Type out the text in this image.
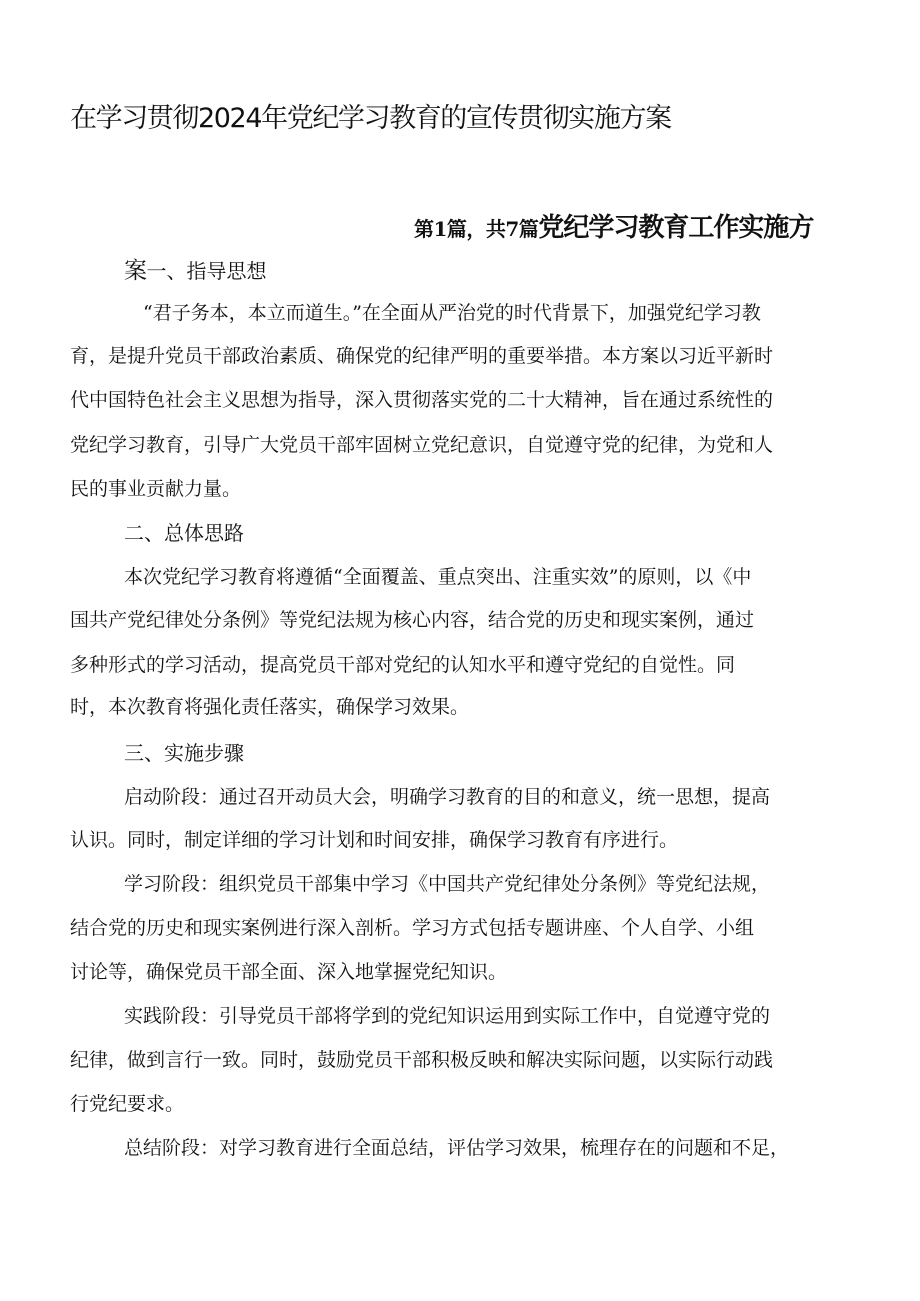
在学习贯彻2024年党纪学习教育的宣传贯彻实施方案
第1篇，共7篇党纪学习教育工作实施方
案一、指导思想

“君子务本，本立而道生。”在全面从严治党的时代背景下，加强党纪学习教

育，是提升党员干部政治素质、确保党的纪律严明的重要举措。本方案以习近平新时

代中国特色社会主义思想为指导，深入贯彻落实党的二十大精神，旨在通过系统性的

党纪学习教育，引导广大党员干部牢固树立党纪意识，自觉遵守党的纪律，为党和人

民的事业贡献力量。

二、总体思路

本次党纪学习教育将遵循“全面覆盖、重点突出、注重实效”的原则，以《中

国共产党纪律处分条例》等党纪法规为核心内容，结合党的历史和现实案例，通过

多种形式的学习活动，提高党员干部对党纪的认知水平和遵守党纪的自觉性。同

时，本次教育将强化责任落实，确保学习效果。

三、实施步骤

启动阶段：通过召开动员大会，明确学习教育的目的和意义，统一思想，提高

认识。同时，制定详细的学习计划和时间安排，确保学习教育有序进行。

学习阶段：组织党员干部集中学习《中国共产党纪律处分条例》等党纪法规，

结合党的历史和现实案例进行深入剖析。学习方式包括专题讲座、个人自学、小组

讨论等，确保党员干部全面、深入地掌握党纪知识。

实践阶段：引导党员干部将学到的党纪知识运用到实际工作中，自觉遵守党的

纪律，做到言行一致。同时，鼓励党员干部积极反映和解决实际问题，以实际行动践

行党纪要求。

总结阶段：对学习教育进行全面总结，评估学习效果，梳理存在的问题和不足，
